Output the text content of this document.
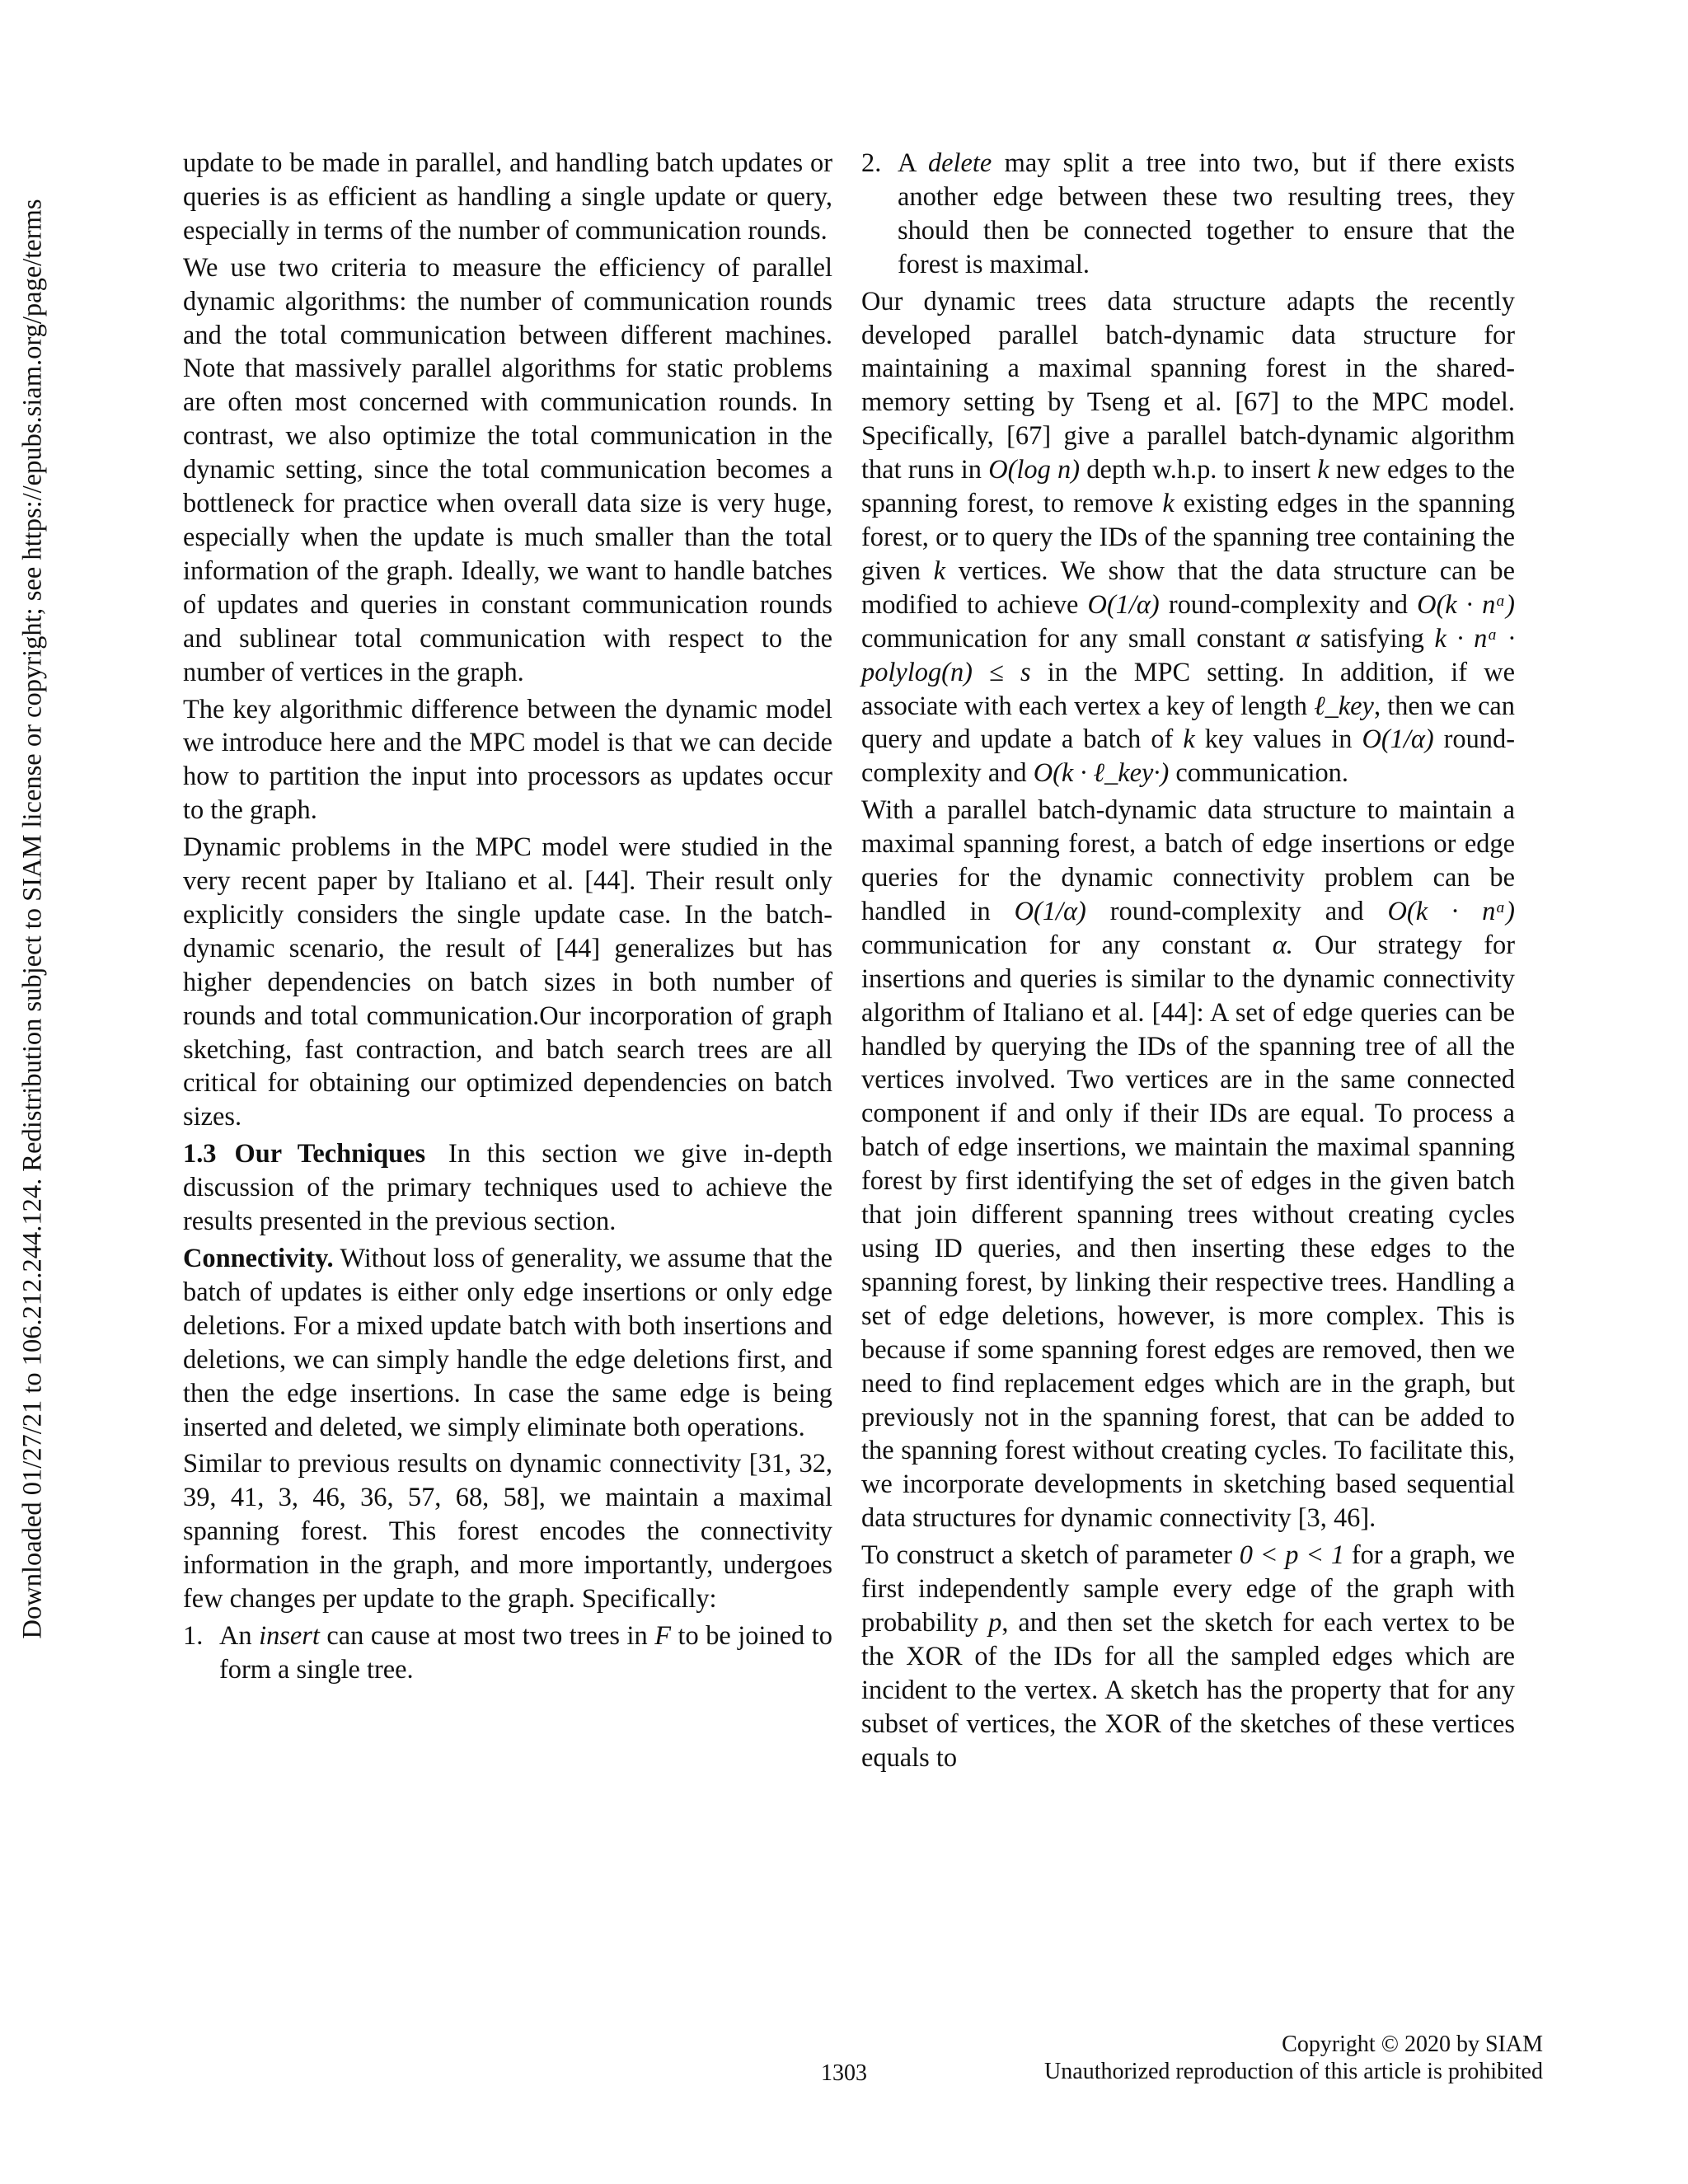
Downloaded 01/27/21 to 106.212.244.124. Redistribution subject to SIAM license or copyright; see https://epubs.siam.org/page/terms

update to be made in parallel, and handling batch updates or queries is as efficient as handling a single update or query, especially in terms of the number of communication rounds.

We use two criteria to measure the efficiency of parallel dynamic algorithms: the number of communication rounds and the total communication between different machines. Note that massively parallel algorithms for static problems are often most concerned with communication rounds. In contrast, we also optimize the total communication in the dynamic setting, since the total communication becomes a bottleneck for practice when overall data size is very huge, especially when the update is much smaller than the total information of the graph. Ideally, we want to handle batches of updates and queries in constant communication rounds and sublinear total communication with respect to the number of vertices in the graph.

The key algorithmic difference between the dynamic model we introduce here and the MPC model is that we can decide how to partition the input into processors as updates occur to the graph.

Dynamic problems in the MPC model were studied in the very recent paper by Italiano et al. [44]. Their result only explicitly considers the single update case. In the batch-dynamic scenario, the result of [44] generalizes but has higher dependencies on batch sizes in both number of rounds and total communication.Our incorporation of graph sketching, fast contraction, and batch search trees are all critical for obtaining our optimized dependencies on batch sizes.

1.3 Our Techniques In this section we give in-depth discussion of the primary techniques used to achieve the results presented in the previous section.

Connectivity. Without loss of generality, we assume that the batch of updates is either only edge insertions or only edge deletions. For a mixed update batch with both insertions and deletions, we can simply handle the edge deletions first, and then the edge insertions. In case the same edge is being inserted and deleted, we simply eliminate both operations.

Similar to previous results on dynamic connectivity [31, 32, 39, 41, 3, 46, 36, 57, 68, 58], we maintain a maximal spanning forest. This forest encodes the connectivity information in the graph, and more importantly, undergoes few changes per update to the graph. Specifically:

1. An insert can cause at most two trees in F to be joined to form a single tree.
2. A delete may split a tree into two, but if there exists another edge between these two resulting trees, they should then be connected together to ensure that the forest is maximal.

Our dynamic trees data structure adapts the recently developed parallel batch-dynamic data structure for maintaining a maximal spanning forest in the shared-memory setting by Tseng et al. [67] to the MPC model. Specifically, [67] give a parallel batch-dynamic algorithm that runs in O(log n) depth w.h.p. to insert k new edges to the spanning forest, to remove k existing edges in the spanning forest, or to query the IDs of the spanning tree containing the given k vertices. We show that the data structure can be modified to achieve O(1/α) round-complexity and O(k · nᵅ) communication for any small constant α satisfying k · nᵅ · polylog(n) ≤ s in the MPC setting. In addition, if we associate with each vertex a key of length ℓ_key, then we can query and update a batch of k key values in O(1/α) round-complexity and O(k · ℓ_key·) communication.

With a parallel batch-dynamic data structure to maintain a maximal spanning forest, a batch of edge insertions or edge queries for the dynamic connectivity problem can be handled in O(1/α) round-complexity and O(k · nᵅ) communication for any constant α. Our strategy for insertions and queries is similar to the dynamic connectivity algorithm of Italiano et al. [44]: A set of edge queries can be handled by querying the IDs of the spanning tree of all the vertices involved. Two vertices are in the same connected component if and only if their IDs are equal. To process a batch of edge insertions, we maintain the maximal spanning forest by first identifying the set of edges in the given batch that join different spanning trees without creating cycles using ID queries, and then inserting these edges to the spanning forest, by linking their respective trees. Handling a set of edge deletions, however, is more complex. This is because if some spanning forest edges are removed, then we need to find replacement edges which are in the graph, but previously not in the spanning forest, that can be added to the spanning forest without creating cycles. To facilitate this, we incorporate developments in sketching based sequential data structures for dynamic connectivity [3, 46].

To construct a sketch of parameter 0 < p < 1 for a graph, we first independently sample every edge of the graph with probability p, and then set the sketch for each vertex to be the XOR of the IDs for all the sampled edges which are incident to the vertex. A sketch has the property that for any subset of vertices, the XOR of the sketches of these vertices equals to

1303
Copyright © 2020 by SIAM
Unauthorized reproduction of this article is prohibited
